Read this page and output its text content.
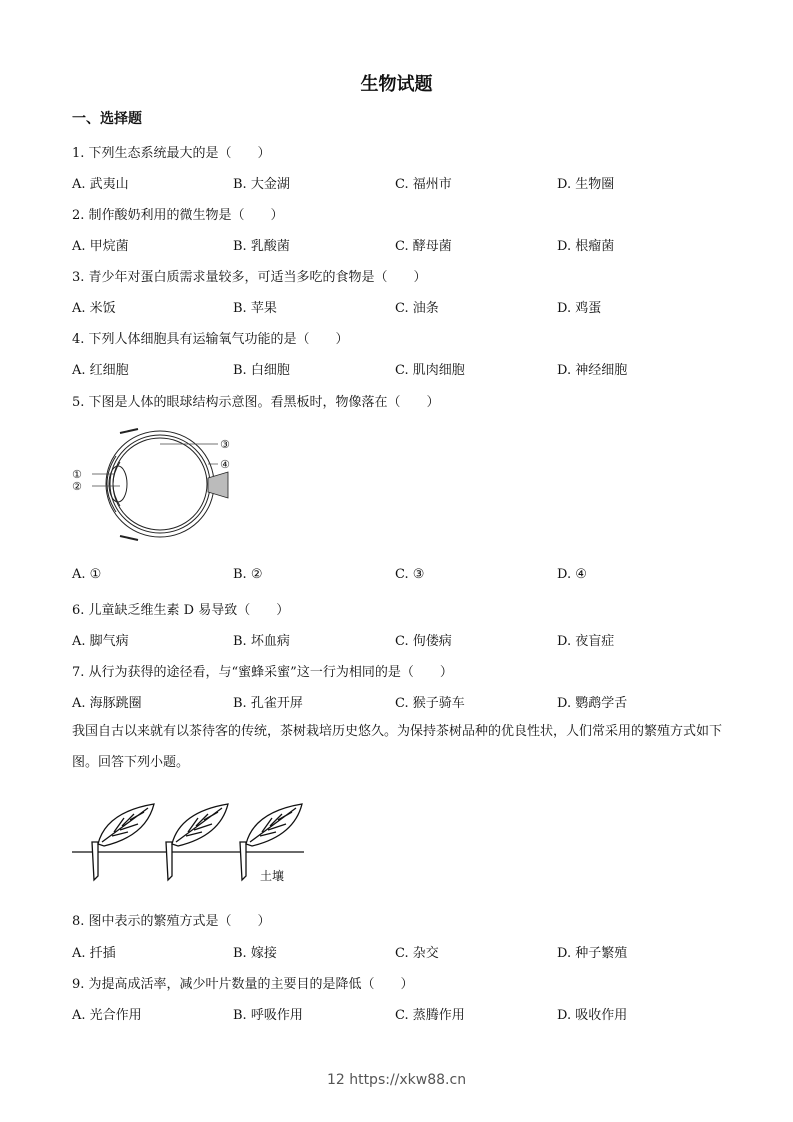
生物试题
一、选择题
1. 下列生态系统最大的是（　　）
A. 武夷山	B. 大金湖	C. 福州市	D. 生物圈
2. 制作酸奶利用的微生物是（　　）
A. 甲烷菌	B. 乳酸菌	C. 酵母菌	D. 根瘤菌
3. 青少年对蛋白质需求量较多，可适当多吃的食物是（　　）
A. 米饭	B. 苹果	C. 油条	D. 鸡蛋
4. 下列人体细胞具有运输氧气功能的是（　　）
A. 红细胞	B. 白细胞	C. 肌肉细胞	D. 神经细胞
5. 下图是人体的眼球结构示意图。看黑板时，物像落在（　　）
③
④
①
②
A. ①	B. ②	C. ③	D. ④
6. 儿童缺乏维生素 D 易导致（　　）
A. 脚气病	B. 坏血病	C. 佝偻病	D. 夜盲症
7. 从行为获得的途径看，与“蜜蜂采蜜”这一行为相同的是（　　）
A. 海豚跳圈	B. 孔雀开屏	C. 猴子骑车	D. 鹦鹉学舌
我国自古以来就有以茶待客的传统，茶树栽培历史悠久。为保持茶树品种的优良性状，人们常采用的繁殖方式如下图。回答下列小题。
土壤
8. 图中表示的繁殖方式是（　　）
A. 扦插	B. 嫁接	C. 杂交	D. 种子繁殖
9. 为提高成活率，减少叶片数量的主要目的是降低（　　）
A. 光合作用	B. 呼吸作用	C. 蒸腾作用	D. 吸收作用
12 https://xkw88.cn
